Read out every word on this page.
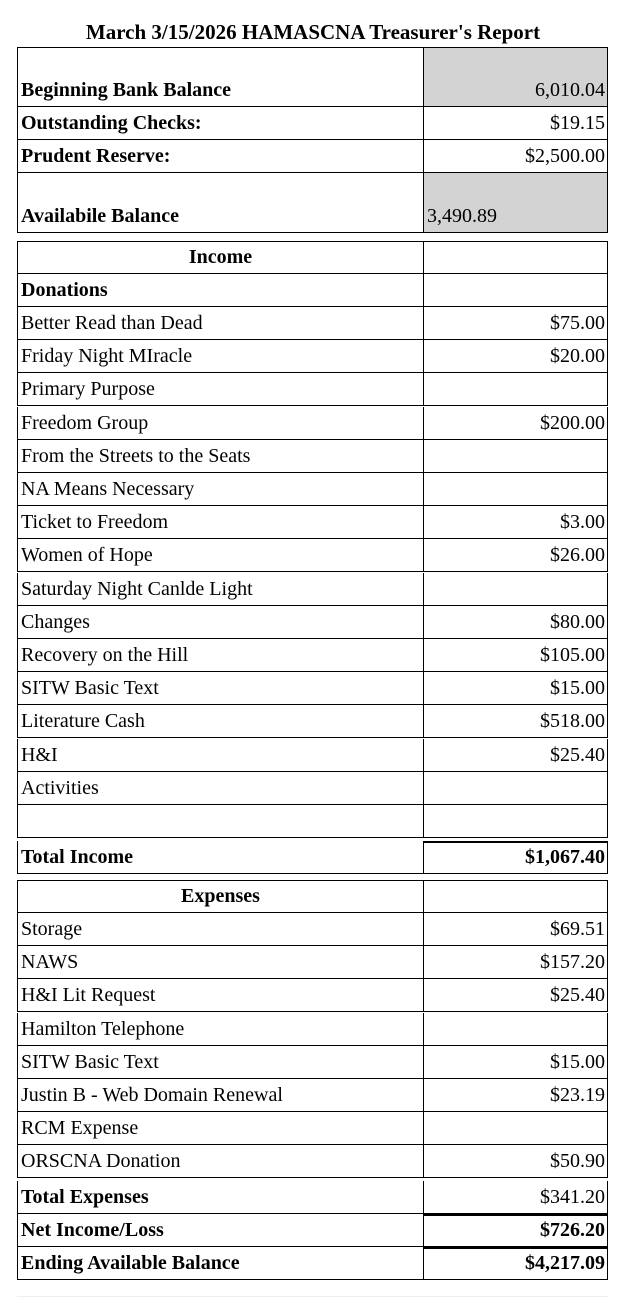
March 3/15/2026 HAMASCNA Treasurer's Report
Beginning Bank Balance	6,010.04
Outstanding Checks:	$19.15
Prudent Reserve:	$2,500.00
Availabile Balance	3,490.89
Income
Donations
Better Read than Dead	$75.00
Friday Night MIracle	$20.00
Primary Purpose
Freedom Group	$200.00
From the Streets to the Seats
NA Means Necessary
Ticket to Freedom	$3.00
Women of Hope	$26.00
Saturday Night Canlde Light
Changes	$80.00
Recovery on the Hill	$105.00
SITW Basic Text	$15.00
Literature Cash	$518.00
H&I	$25.40
Activities
Total Income	$1,067.40
Expenses
Storage	$69.51
NAWS	$157.20
H&I Lit Request	$25.40
Hamilton Telephone
SITW Basic Text	$15.00
Justin B - Web Domain Renewal	$23.19
RCM Expense
ORSCNA Donation	$50.90
Total Expenses	$341.20
Net Income/Loss	$726.20
Ending Available Balance	$4,217.09
